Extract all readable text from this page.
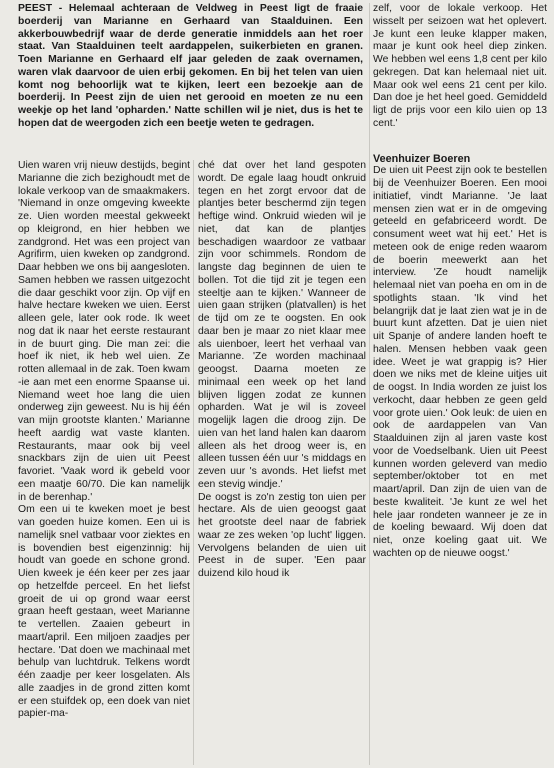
PEEST - Helemaal achteraan de Veldweg in Peest ligt de fraaie boerderij van Marianne en Gerhaard van Staalduinen. Een akkerbouwbedrijf waar de derde generatie inmiddels aan het roer staat. Van Staalduinen teelt aardappelen, suikerbieten en granen. Toen Marianne en Gerhaard elf jaar geleden de zaak overnamen, waren vlak daarvoor de uien erbij gekomen. En bij het telen van uien komt nog behoorlijk wat te kijken, leert een bezoekje aan de boerderij. In Peest zijn de uien net gerooid en moeten ze nu een weekje op het land 'opharden.' Natte schillen wil je niet, dus is het te hopen dat de weergoden zich een beetje weten te gedragen.

Uien waren vrij nieuw destijds, begint Marianne die zich bezighoudt met de lokale verkoop van de smaakmakers. 'Niemand in onze omgeving kweekte ze. Uien worden meestal gekweekt op kleigrond, en hier hebben we zandgrond. Het was een project van Agrifirm, uien kweken op zandgrond. Daar hebben we ons bij aangesloten. Samen hebben we rassen uitgezocht die daar geschikt voor zijn. Op vijf en halve hectare kweken we uien. Eerst alleen gele, later ook rode. Ik weet nog dat ik naar het eerste restaurant in de buurt ging. Die man zei: die hoef ik niet, ik heb wel uien. Ze rotten allemaal in de zak. Toen kwam -ie aan met een enorme Spaanse ui. Niemand weet hoe lang die uien onderweg zijn geweest. Nu is hij één van mijn grootste klanten.' Marianne heeft aardig wat vaste klanten. Restaurants, maar ook bij veel snackbars zijn de uien uit Peest favoriet. 'Vaak word ik gebeld voor een maatje 60/70. Die kan namelijk in de berenhap.'

Om een ui te kweken moet je best van goeden huize komen. Een ui is namelijk snel vatbaar voor ziektes en is bovendien best eigenzinnig: hij houdt van goede en schone grond. Uien kweek je één keer per zes jaar op hetzelfde perceel. En het liefst groeit de ui op grond waar eerst graan heeft gestaan, weet Marianne te vertellen. Zaaien gebeurt in maart/april. Een miljoen zaadjes per hectare. 'Dat doen we machinaal met behulp van luchtdruk. Telkens wordt één zaadje per keer losgelaten. Als alle zaadjes in de grond zitten komt er een stuifdek op, een doek van niet papier-ma-

ché dat over het land gespoten wordt. De egale laag houdt onkruid tegen en het zorgt ervoor dat de plantjes beter beschermd zijn tegen heftige wind. Onkruid wieden wil je niet, dat kan de plantjes beschadigen waardoor ze vatbaar zijn voor schimmels. Rondom de langste dag beginnen de uien te bollen. Tot die tijd zit je tegen een steeltje aan te kijken.' Wanneer de uien gaan strijken (platvallen) is het de tijd om ze te oogsten. En ook daar ben je maar zo niet klaar mee als uienboer, leert het verhaal van Marianne. 'Ze worden machinaal geoogst. Daarna moeten ze minimaal een week op het land blijven liggen zodat ze kunnen opharden. Wat je wil is zoveel mogelijk lagen die droog zijn. De uien van het land halen kan daarom alleen als het droog weer is, en alleen tussen één uur 's middags en zeven uur 's avonds. Het liefst met een stevig windje.'

De oogst is zo'n zestig ton uien per hectare. Als de uien geoogst gaat het grootste deel naar de fabriek waar ze zes weken 'op lucht' liggen. Vervolgens belanden de uien uit Peest in de super. 'Een paar duizend kilo houd ik

zelf, voor de lokale verkoop. Het wisselt per seizoen wat het oplevert. Je kunt een leuke klapper maken, maar je kunt ook heel diep zinken. We hebben wel eens 1,8 cent per kilo gekregen. Dat kan helemaal niet uit. Maar ook wel eens 21 cent per kilo. Dan doe je het heel goed. Gemiddeld ligt de prijs voor een kilo uien op 13 cent.'

Veenhuizer Boeren

De uien uit Peest zijn ook te bestellen bij de Veenhuizer Boeren. Een mooi initiatief, vindt Marianne. 'Je laat mensen zien wat er in de omgeving geteeld en gefabriceerd wordt. De consument weet wat hij eet.' Het is meteen ook de enige reden waarom de boerin meewerkt aan het interview. 'Ze houdt namelijk helemaal niet van poeha en om in de spotlights staan. 'Ik vind het belangrijk dat je laat zien wat je in de buurt kunt afzetten. Dat je uien niet uit Spanje of andere landen hoeft te halen. Mensen hebben vaak geen idee. Weet je wat grappig is? Hier doen we niks met de kleine uitjes uit de oogst. In India worden ze juist los verkocht, daar hebben ze geen geld voor grote uien.' Ook leuk: de uien en ook de aardappelen van Van Staalduinen zijn al jaren vaste kost voor de Voedselbank. Uien uit Peest kunnen worden geleverd van medio september/oktober tot en met maart/april. Dan zijn de uien van de beste kwaliteit. 'Je kunt ze wel het hele jaar rondeten wanneer je ze in de koeling bewaard. Wij doen dat niet, onze koeling gaat uit. We wachten op de nieuwe oogst.'
